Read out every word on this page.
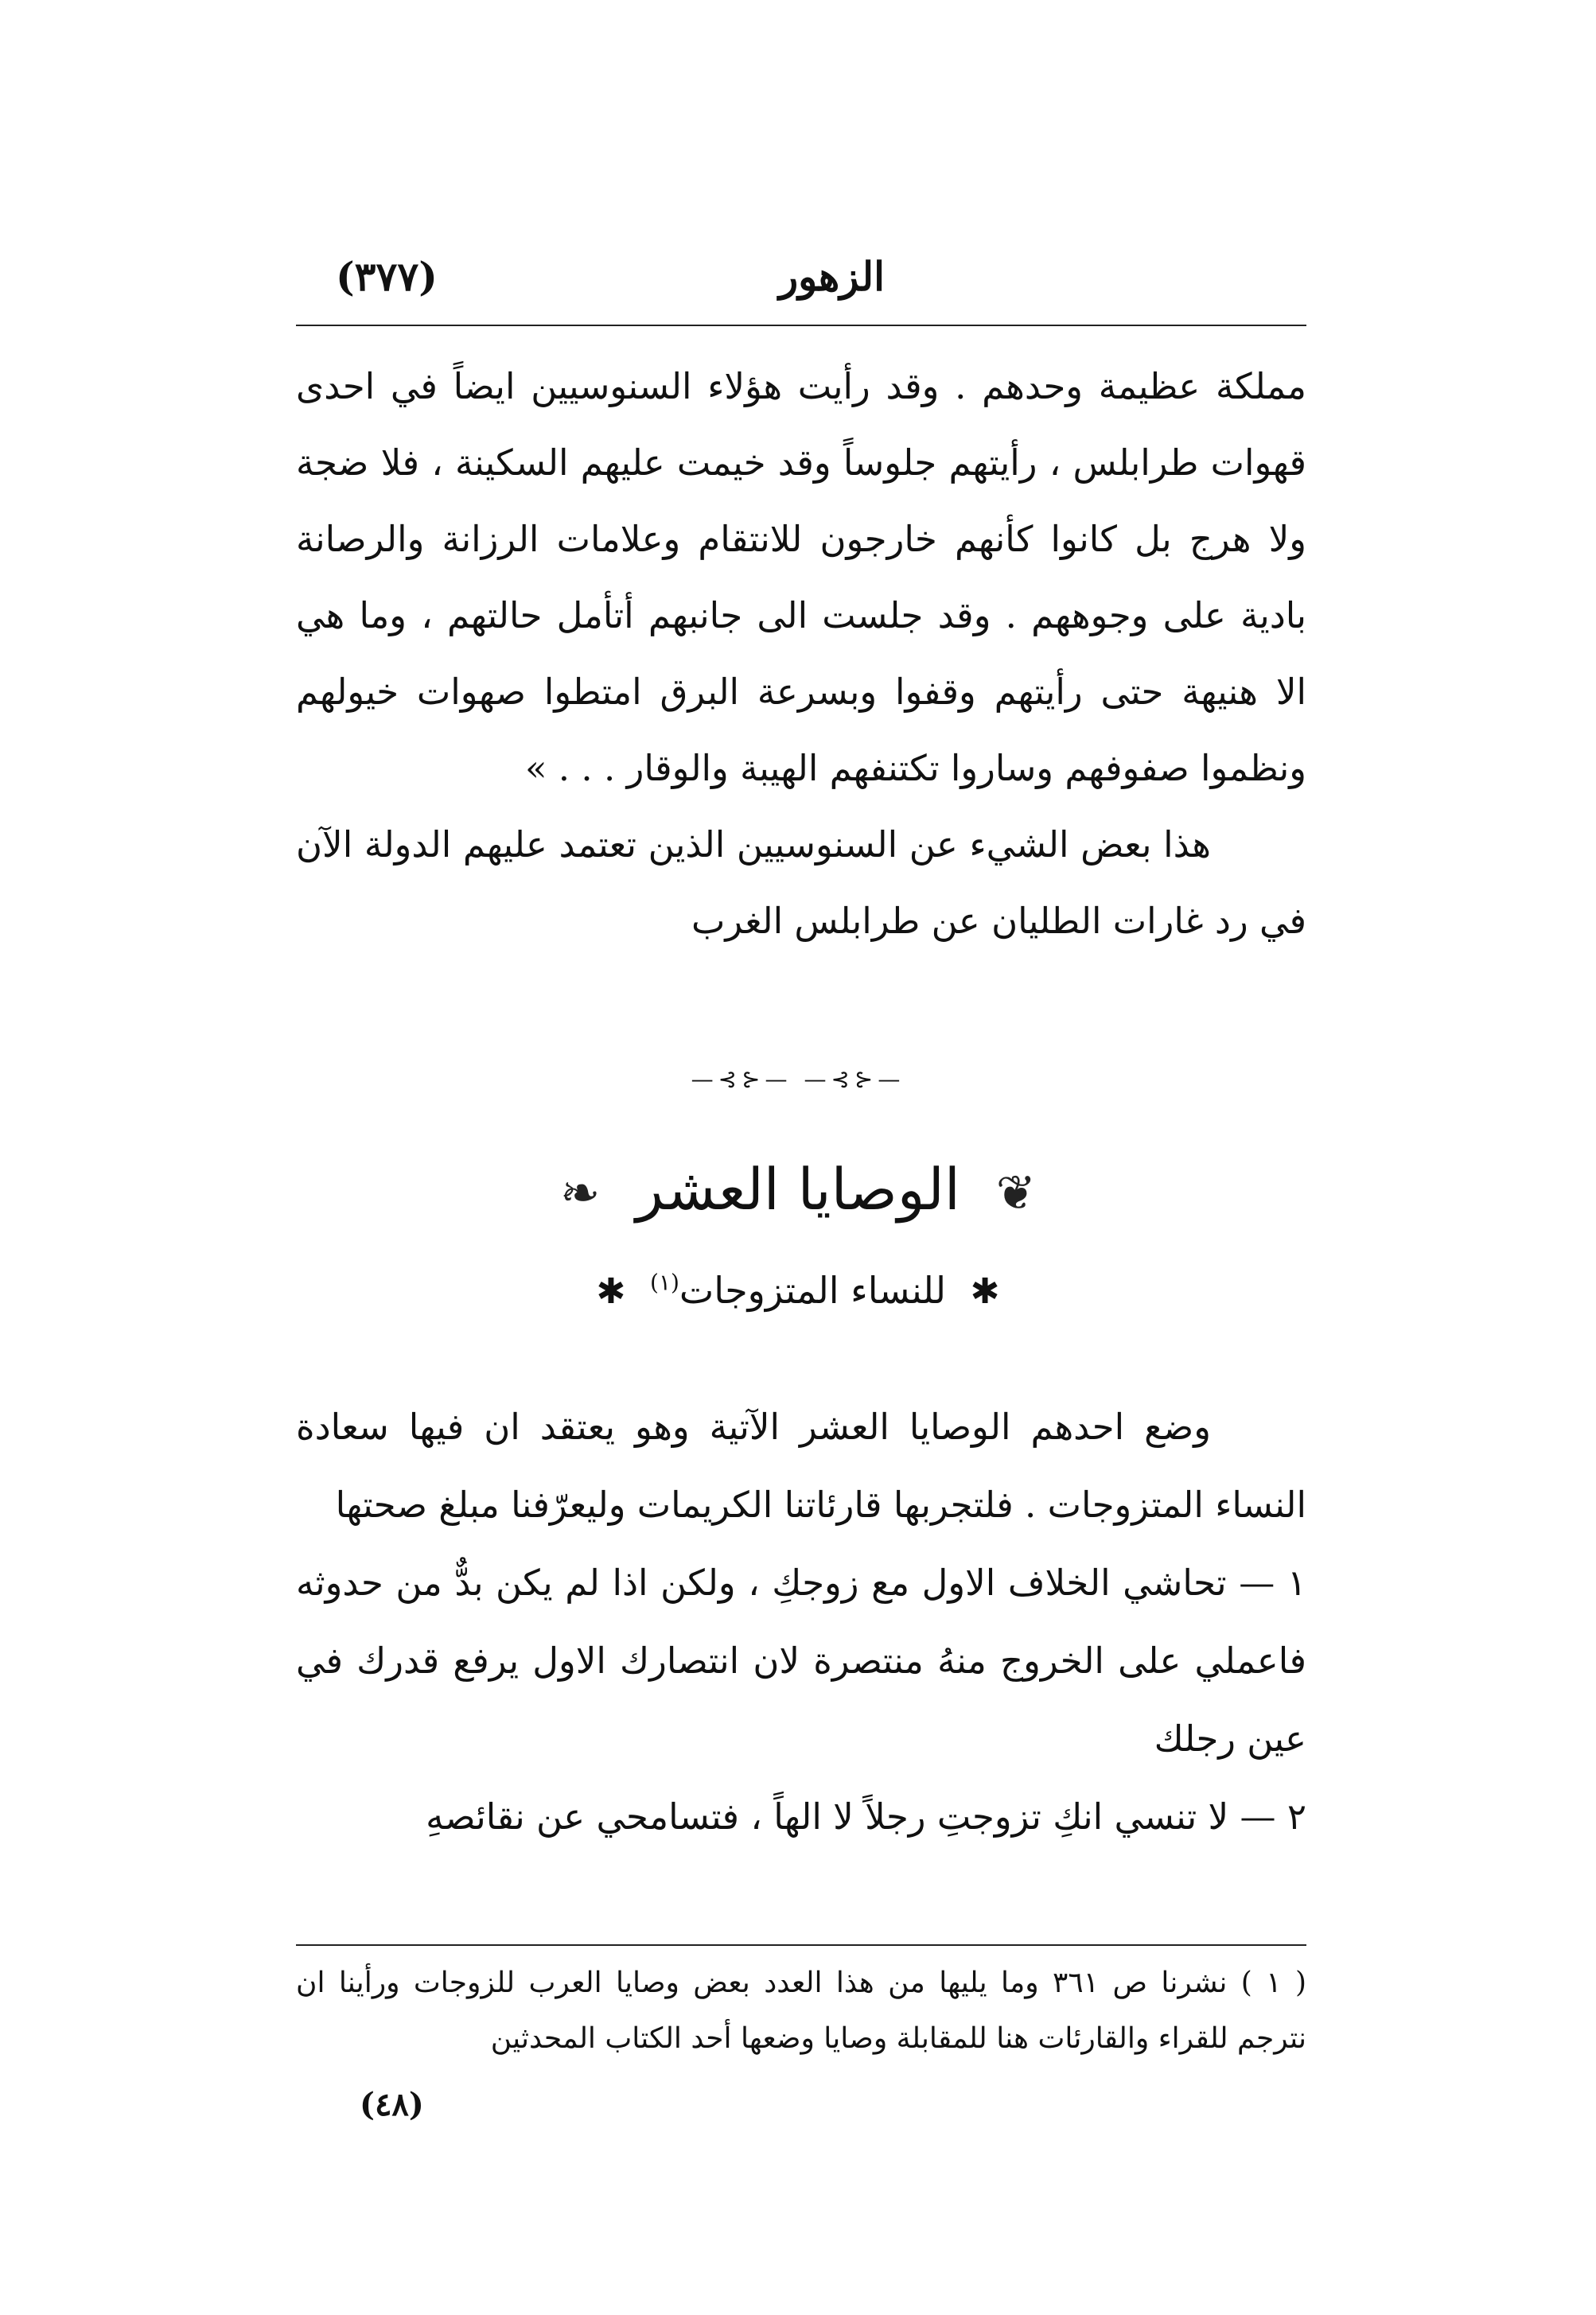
الزهور
(٣٧٧)

مملكة عظيمة وحدهم . وقد رأيت هؤلاء السنوسيين ايضاً في احدى قهوات طرابلس ، رأيتهم جلوساً وقد خيمت عليهم السكينة ، فلا ضجة ولا هرج بل كانوا كأنهم خارجون للانتقام وعلامات الرزانة والرصانة بادية على وجوههم . وقد جلست الى جانبهم أتأمل حالتهم ، وما هي الا هنيهة حتى رأيتهم وقفوا وبسرعة البرق امتطوا صهوات خيولهم ونظموا صفوفهم وساروا تكتنفهم الهيبة والوقار . . . »

هذا بعض الشيء عن السنوسيين الذين تعتمد عليهم الدولة الآن في رد غارات الطليان عن طرابلس الغرب

—⊰⊱— —⊰⊱—
❦ الوصايا العشر ❧
✱ للنساء المتزوجات$^{(١)}$ ✱

وضع احدهم الوصايا العشر الآتية وهو يعتقد ان فيها سعادة النساء المتزوجات . فلتجربها قارئاتنا الكريمات وليعرّفنا مبلغ صحتها

١ — تحاشي الخلاف الاول مع زوجكِ ، ولكن اذا لم يكن بدٌّ من حدوثه فاعملي على الخروج منهُ منتصرة لان انتصارك الاول يرفع قدرك في عين رجلك

٢ — لا تنسي انكِ تزوجتِ رجلاً لا الهاً ، فتسامحي عن نقائصهِ

( ١ ) نشرنا ص ٣٦١ وما يليها من هذا العدد بعض وصايا العرب للزوجات ورأينا ان نترجم للقراء والقارئات هنا للمقابلة وصايا وضعها أحد الكتاب المحدثين
(٤٨)
